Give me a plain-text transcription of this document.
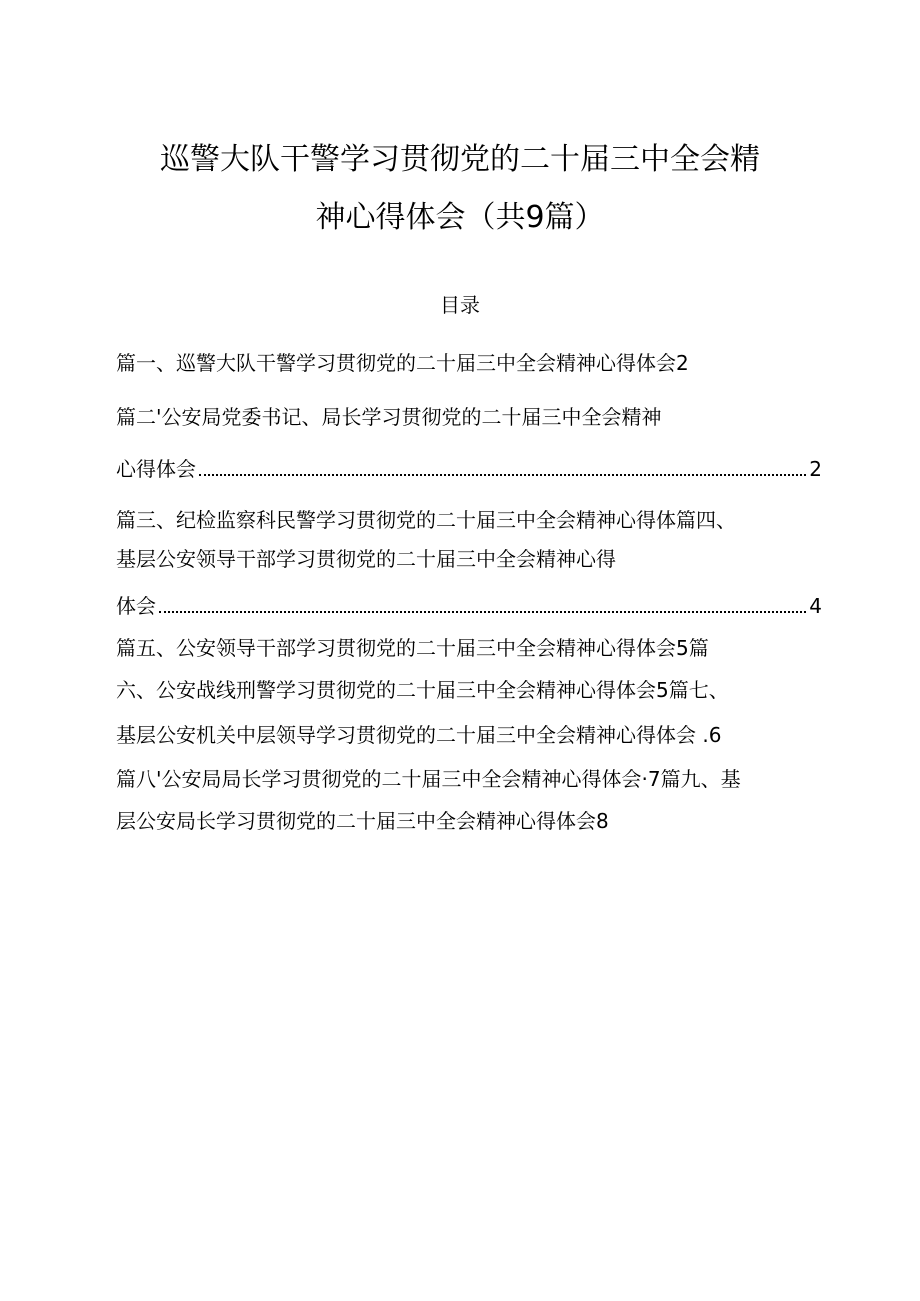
巡警大队干警学习贯彻党的二十届三中全会精
神心得体会（共9篇）
目录
篇一、巡警大队干警学习贯彻党的二十届三中全会精神心得体会2
篇二'公安局党委书记、局长学习贯彻党的二十届三中全会精神
心得体会	2
篇三、纪检监察科民警学习贯彻党的二十届三中全会精神心得体篇四、
基层公安领导干部学习贯彻党的二十届三中全会精神心得
体会	4
篇五、公安领导干部学习贯彻党的二十届三中全会精神心得体会5篇
六、公安战线刑警学习贯彻党的二十届三中全会精神心得体会5篇七、
基层公安机关中层领导学习贯彻党的二十届三中全会精神心得体会 .6
篇八'公安局局长学习贯彻党的二十届三中全会精神心得体会·7篇九、基
层公安局长学习贯彻党的二十届三中全会精神心得体会8
